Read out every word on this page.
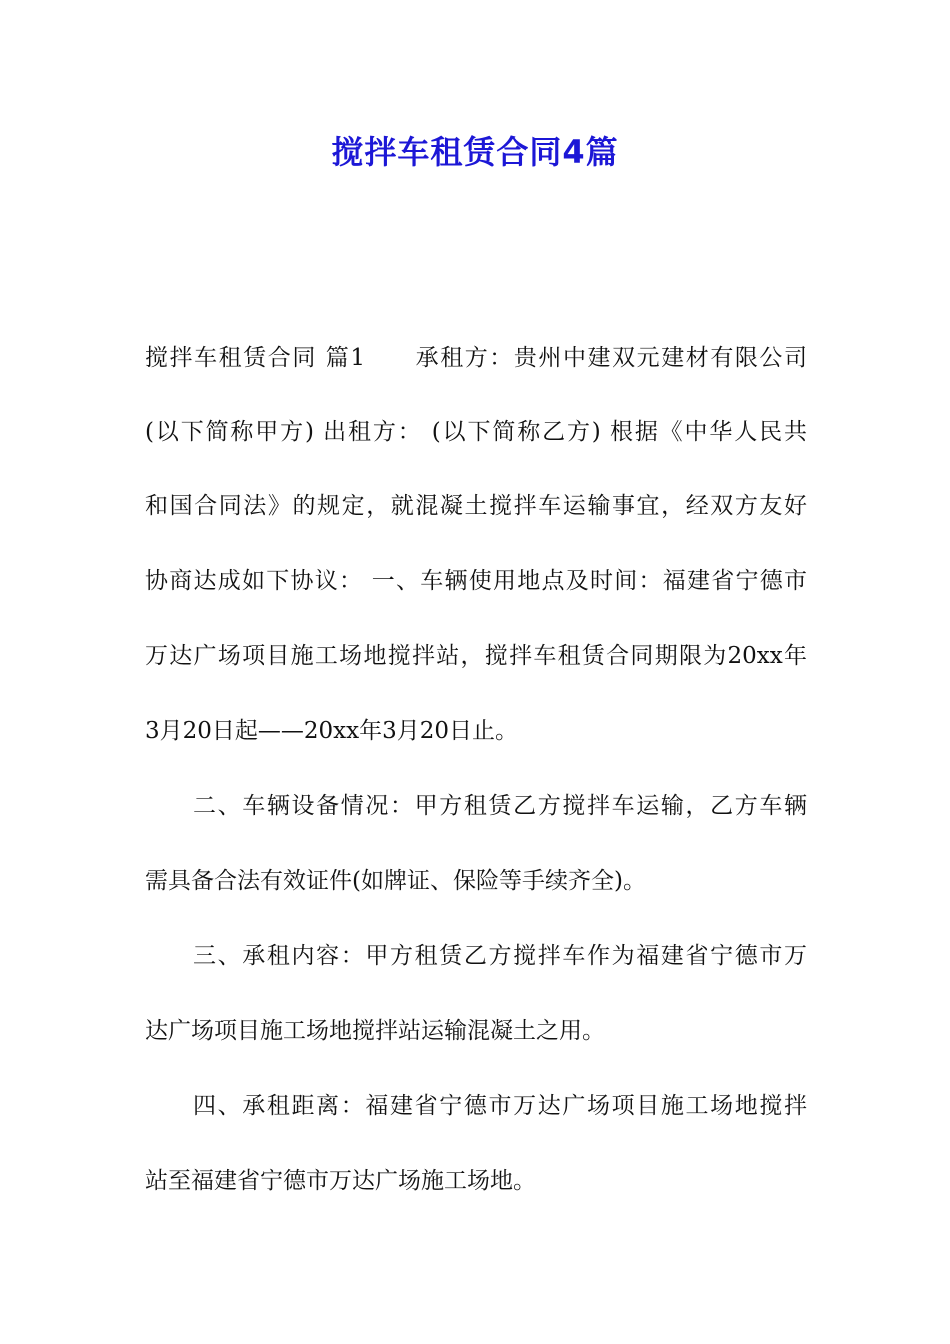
搅拌车租赁合同4篇
搅拌车租赁合同 篇1　　承租方：贵州中建双元建材有限公司
(以下简称甲方) 出租方： (以下简称乙方) 根据《中华人民共
和国合同法》的规定，就混凝土搅拌车运输事宜，经双方友好
协商达成如下协议： 一、车辆使用地点及时间：福建省宁德市
万达广场项目施工场地搅拌站，搅拌车租赁合同期限为20xx年
3月20日起——20xx年3月20日止。
二、车辆设备情况：甲方租赁乙方搅拌车运输，乙方车辆
需具备合法有效证件(如牌证、保险等手续齐全)。
三、承租内容：甲方租赁乙方搅拌车作为福建省宁德市万
达广场项目施工场地搅拌站运输混凝土之用。
四、承租距离：福建省宁德市万达广场项目施工场地搅拌
站至福建省宁德市万达广场施工场地。
